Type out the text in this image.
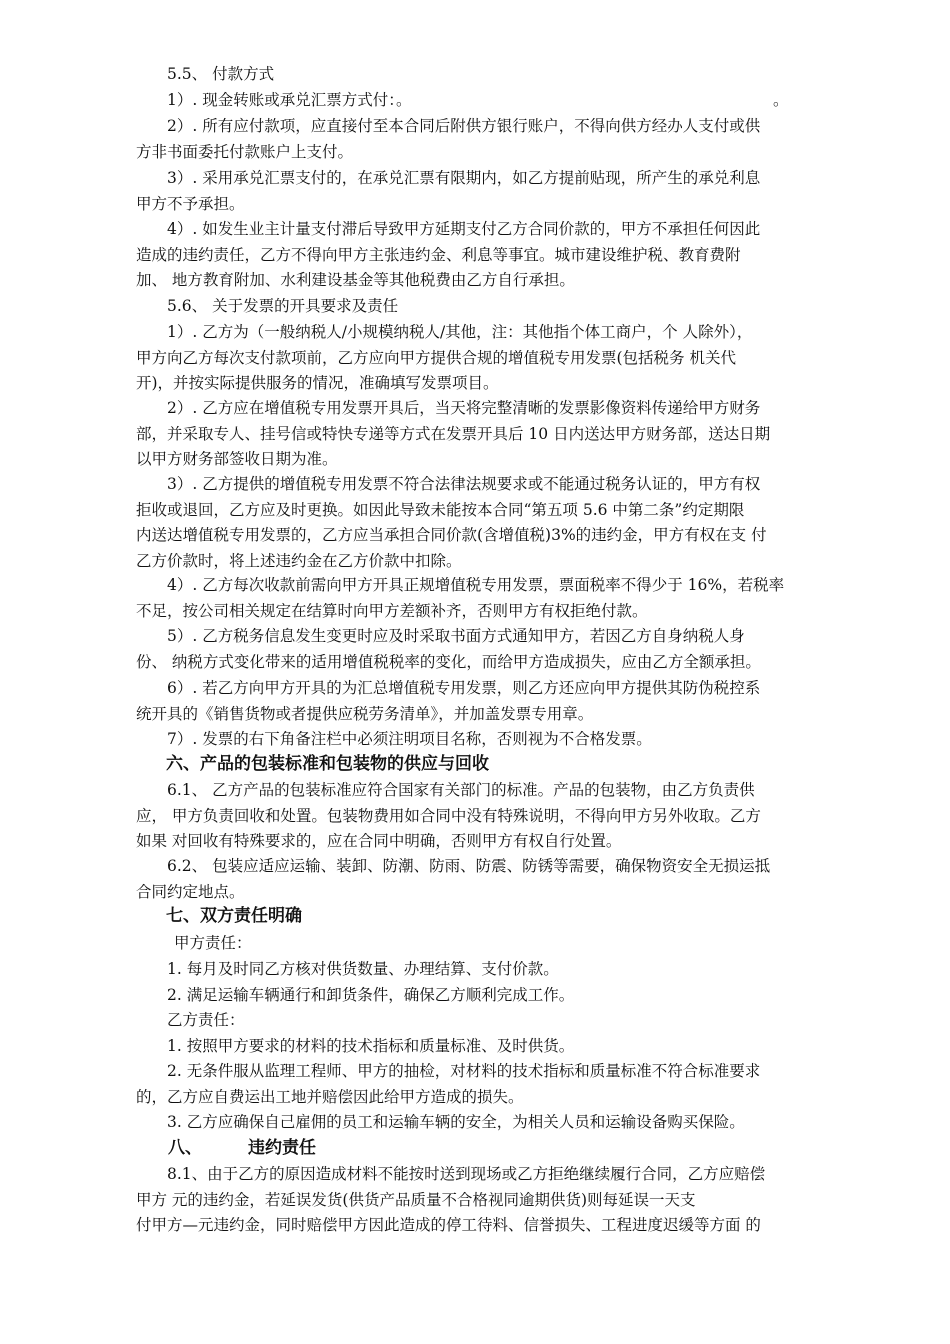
5.5、 付款方式
1）. 现金转账或承兑汇票方式付：。	。
2）. 所有应付款项，应直接付至本合同后附供方银行账户，不得向供方经办人支付或供
方非书面委托付款账户上支付。
3）. 采用承兑汇票支付的，在承兑汇票有限期内，如乙方提前贴现，所产生的承兑利息
甲方不予承担。
4）. 如发生业主计量支付滞后导致甲方延期支付乙方合同价款的，甲方不承担任何因此
造成的违约责任，乙方不得向甲方主张违约金、利息等事宜。城市建设维护税、教育费附
加、 地方教育附加、水利建设基金等其他税费由乙方自行承担。
5.6、 关于发票的开具要求及责任
1）. 乙方为（一般纳税人/小规模纳税人/其他，注：其他指个体工商户，个 人除外），
甲方向乙方每次支付款项前，乙方应向甲方提供合规的增值税专用发票(包括税务 机关代
开)，并按实际提供服务的情况，准确填写发票项目。
2）. 乙方应在增值税专用发票开具后，当天将完整清晰的发票影像资料传递给甲方财务
部，并采取专人、挂号信或特快专递等方式在发票开具后 10 日内送达甲方财务部，送达日期
以甲方财务部签收日期为准。
3）. 乙方提供的增值税专用发票不符合法律法规要求或不能通过税务认证的，甲方有权
拒收或退回，乙方应及时更换。如因此导致未能按本合同“第五项 5.6 中第二条”约定期限
内送达增值税专用发票的，乙方应当承担合同价款(含增值税)3%的违约金，甲方有权在支 付
乙方价款时，将上述违约金在乙方价款中扣除。
4）. 乙方每次收款前需向甲方开具正规增值税专用发票，票面税率不得少于 16%，若税率
不足，按公司相关规定在结算时向甲方差额补齐，否则甲方有权拒绝付款。
5）. 乙方税务信息发生变更时应及时采取书面方式通知甲方，若因乙方自身纳税人身
份、 纳税方式变化带来的适用增值税税率的变化，而给甲方造成损失，应由乙方全额承担。
6）. 若乙方向甲方开具的为汇总增值税专用发票，则乙方还应向甲方提供其防伪税控系
统开具的《销售货物或者提供应税劳务清单》，并加盖发票专用章。
7）. 发票的右下角备注栏中必须注明项目名称，否则视为不合格发票。
六、产品的包装标准和包装物的供应与回收
6.1、 乙方产品的包装标准应符合国家有关部门的标准。产品的包装物，由乙方负责供
应， 甲方负责回收和处置。包装物费用如合同中没有特殊说明，不得向甲方另外收取。乙方
如果 对回收有特殊要求的，应在合同中明确，否则甲方有权自行处置。
6.2、 包装应适应运输、装卸、防潮、防雨、防震、防锈等需要，确保物资安全无损运抵
合同约定地点。
七、双方责任明确
甲方责任：
1. 每月及时同乙方核对供货数量、办理结算、支付价款。
2. 满足运输车辆通行和卸货条件，确保乙方顺利完成工作。
乙方责任：
1. 按照甲方要求的材料的技术指标和质量标准、及时供货。
2. 无条件服从监理工程师、甲方的抽检，对材料的技术指标和质量标准不符合标准要求
的，乙方应自费运出工地并赔偿因此给甲方造成的损失。
3. 乙方应确保自己雇佣的员工和运输车辆的安全，为相关人员和运输设备购买保险。
八、	违约责任
8.1、由于乙方的原因造成材料不能按时送到现场或乙方拒绝继续履行合同，乙方应赔偿
甲方 元的违约金，若延误发货(供货产品质量不合格视同逾期供货)则每延误一天支
付甲方—元违约金，同时赔偿甲方因此造成的停工待料、信誉损失、工程进度迟缓等方面 的
